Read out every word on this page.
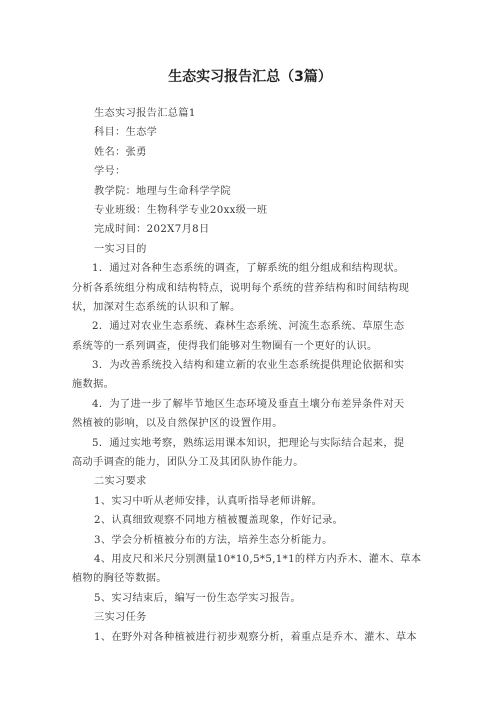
生态实习报告汇总（3篇）
生态实习报告汇总篇1
科目：生态学
姓名：张勇
学号：
教学院：地理与生命科学学院
专业班级：生物科学专业20xx级一班
完成时间：202X7月8日
一实习目的
1．通过对各种生态系统的调查，了解系统的组分组成和结构现状。
分析各系统组分构成和结构特点，说明每个系统的营养结构和时间结构现
状，加深对生态系统的认识和了解。
2．通过对农业生态系统、森林生态系统、河流生态系统、草原生态
系统等的一系列调查，使得我们能够对生物圈有一个更好的认识。
3．为改善系统投入结构和建立新的农业生态系统提供理论依据和实
施数据。
4．为了进一步了解毕节地区生态环境及垂直土壤分布差异条件对天
然植被的影响，以及自然保护区的设置作用。
5．通过实地考察，熟练运用课本知识，把理论与实际结合起来，提
高动手调查的能力，团队分工及其团队协作能力。
二实习要求
1、实习中听从老师安排，认真听指导老师讲解。
2、认真细致观察不同地方植被覆盖现象，作好记录。
3、学会分析植被分布的方法，培养生态分析能力。
4、用皮尺和米尺分别测量10*10,5*5,1*1的样方内乔木、灌木、草本
植物的胸径等数据。
5、实习结束后，编写一份生态学实习报告。
三实习任务
1、在野外对各种植被进行初步观察分析，着重点是乔木、灌木、草本
